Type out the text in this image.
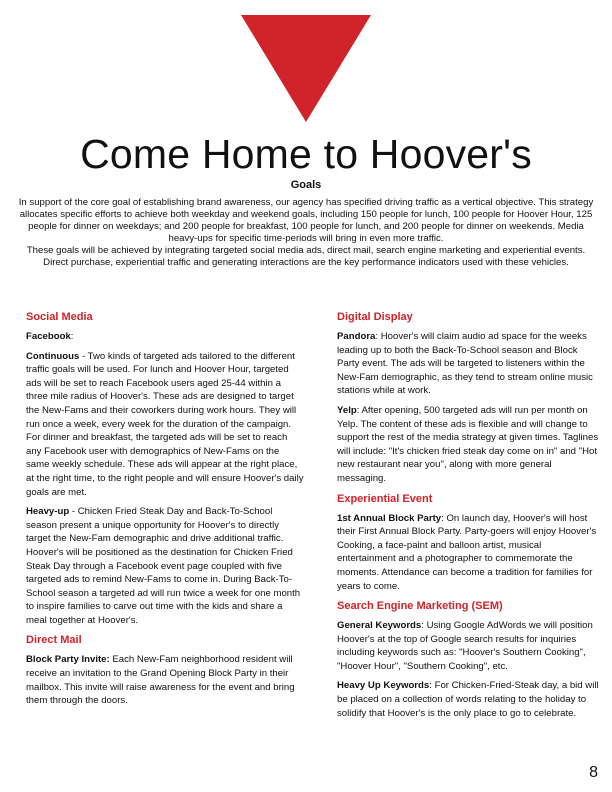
Come Home to Hoover's
Goals

In support of the core goal of establishing brand awareness, our agency has specified driving traffic as a vertical objective. This strategy allocates specific efforts to achieve both weekday and weekend goals, including 150 people for lunch, 100 people for Hoover Hour, 125 people for dinner on weekdays; and 200 people for breakfast, 100 people for lunch, and 200 people for dinner on weekends. Media heavy-ups for specific time-periods will bring in even more traffic.

These goals will be achieved by integrating targeted social media ads, direct mail, search engine marketing and experiential events. Direct purchase, experiential traffic and generating interactions are the key performance indicators used with these vehicles.

Social Media

Facebook:

Continuous - Two kinds of targeted ads tailored to the different traffic goals will be used. For lunch and Hoover Hour, targeted ads will be set to reach Facebook users aged 25-44 within a three mile radius of Hoover's. These ads are designed to target the New-Fams and their coworkers during work hours. They will run once a week, every week for the duration of the campaign. For dinner and breakfast, the targeted ads will be set to reach any Facebook user with demographics of New-Fams on the same weekly schedule. These ads will appear at the right place, at the right time, to the right people and will ensure Hoover's daily goals are met.

Heavy-up - Chicken Fried Steak Day and Back-To-School season present a unique opportunity for Hoover's to directly target the New-Fam demographic and drive additional traffic. Hoover's will be positioned as the destination for Chicken Fried Steak Day through a Facebook event page coupled with five targeted ads to remind New-Fams to come in. During Back-To-School season a targeted ad will run twice a week for one month to inspire families to carve out time with the kids and share a meal together at Hoover's.

Direct Mail

Block Party Invite: Each New-Fam neighborhood resident will receive an invitation to the Grand Opening Block Party in their mailbox. This invite will raise awareness for the event and bring them through the doors.

Digital Display

Pandora: Hoover's will claim audio ad space for the weeks leading up to both the Back-To-School season and Block Party event. The ads will be targeted to listeners within the New-Fam demographic, as they tend to stream online music stations while at work.

Yelp: After opening, 500 targeted ads will run per month on Yelp. The content of these ads is flexible and will change to support the rest of the media strategy at given times. Taglines will include: "It's chicken fried steak day come on in" and "Hot new restaurant near you", along with more general messaging.

Experiential Event

1st Annual Block Party: On launch day, Hoover's will host their First Annual Block Party. Party-goers will enjoy Hoover's Cooking, a face-paint and balloon artist, musical entertainment and a photographer to commemorate the moments. Attendance can become a tradition for families for years to come.

Search Engine Marketing (SEM)

General Keywords: Using Google AdWords we will position Hoover's at the top of Google search results for inquiries including keywords such as: "Hoover's Southern Cooking", "Hoover Hour", "Southern Cooking", etc.

Heavy Up Keywords: For Chicken-Fried-Steak day, a bid will be placed on a collection of words relating to the holiday to solidify that Hoover's is the only place to go to celebrate.

8
